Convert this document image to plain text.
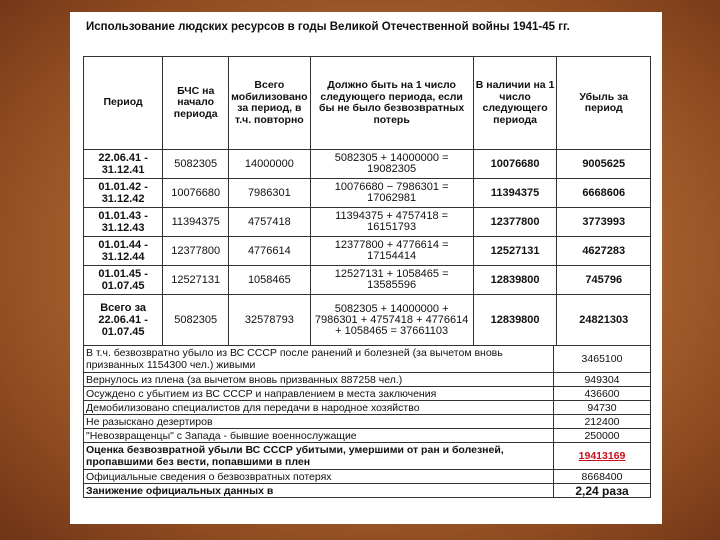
Использование людских ресурсов в годы Великой Отечественной войны 1941-45 гг.
Период	БЧС на начало периода	Всего мобилизовано за период, в т.ч. повторно	Должно быть на 1 число следующего периода, если бы не было безвозвратных потерь	В наличии на 1 число следующего периода	Убыль за период
22.06.41 - 31.12.41	5082305	14000000	5082305 + 14000000 = 19082305	10076680	9005625
01.01.42 - 31.12.42	10076680	7986301	10076680 − 7986301 = 17062981	11394375	6668606
01.01.43 - 31.12.43	11394375	4757418	11394375 + 4757418 = 16151793	12377800	3773993
01.01.44 - 31.12.44	12377800	4776614	12377800 + 4776614 = 17154414	12527131	4627283
01.01.45 - 01.07.45	12527131	1058465	12527131 + 1058465 = 13585596	12839800	745796
Всего за 22.06.41 - 01.07.45	5082305	32578793	5082305 + 14000000 + 7986301 + 4757418 + 4776614 + 1058465 = 37661103	12839800	24821303
В т.ч. безвозвратно убыло из ВС СССР после ранений и болезней (за вычетом вновь призванных 1154300 чел.) живыми	3465100
Вернулось из плена (за вычетом вновь призванных 887258 чел.)	949304
Осуждено с убытием из ВС СССР и направлением в места заключения	436600
Демобилизовано специалистов для передачи в народное хозяйство	94730
Не разыскано дезертиров	212400
"Невозвращенцы" с Запада - бывшие военнослужащие	250000
Оценка безвозвратной убыли ВС СССР убитыми, умершими от ран и болезней, пропавшими без вести, попавшими в плен	19413169
Официальные сведения о безвозвратных потерях	8668400
Занижение официальных данных в	2,24 раза
